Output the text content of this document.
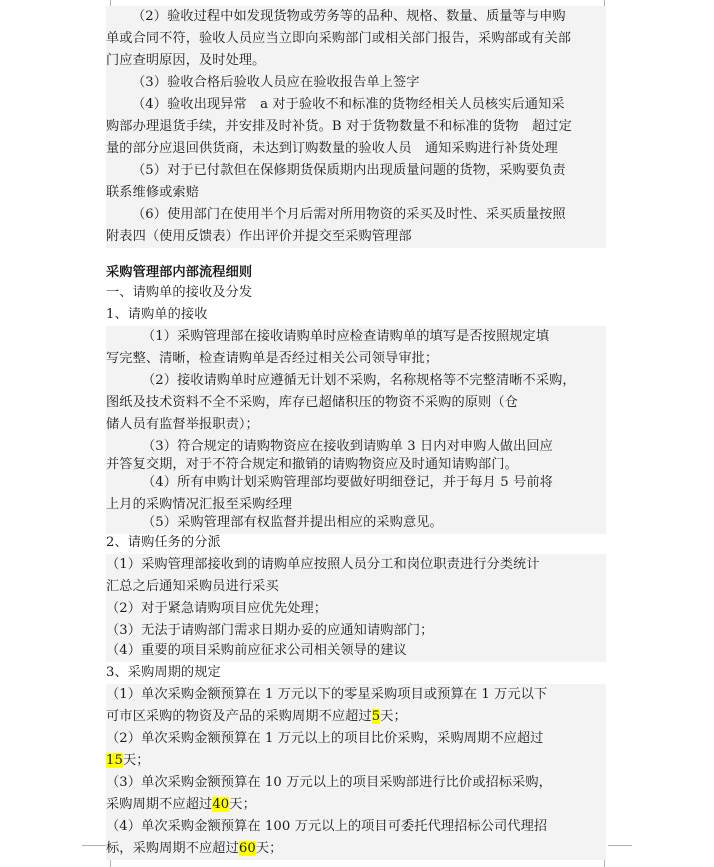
（2）验收过程中如发现货物或劳务等的品种、规格、数量、质量等与申购
单或合同不符，验收人员应当立即向采购部门或相关部门报告，采购部或有关部
门应查明原因，及时处理。
（3）验收合格后验收人员应在验收报告单上签字
（4）验收出现异常　a 对于验收不和标准的货物经相关人员核实后通知采
购部办理退货手续，并安排及时补货。B 对于货物数量不和标准的货物　超过定
量的部分应退回供货商，未达到订购数量的验收人员　通知采购进行补货处理
（5）对于已付款但在保修期货保质期内出现质量问题的货物，采购要负责
联系维修或索赔
（6）使用部门在使用半个月后需对所用物资的采买及时性、采买质量按照
附表四（使用反馈表）作出评价并提交至采购管理部
采购管理部内部流程细则
一、请购单的接收及分发
1、请购单的接收
（1）采购管理部在接收请购单时应检查请购单的填写是否按照规定填
写完整、清晰，检查请购单是否经过相关公司领导审批；
（2）接收请购单时应遵循无计划不采购，名称规格等不完整清晰不采购，
图纸及技术资料不全不采购，库存已超储积压的物资不采购的原则（仓
储人员有监督举报职责）；
（3）符合规定的请购物资应在接收到请购单 3 日内对申购人做出回应
并答复交期，对于不符合规定和撤销的请购物资应及时通知请购部门。
（4）所有申购计划采购管理部均要做好明细登记，并于每月 5 号前将
上月的采购情况汇报至采购经理
（5）采购管理部有权监督并提出相应的采购意见。
2、请购任务的分派
（1）采购管理部接收到的请购单应按照人员分工和岗位职责进行分类统计
汇总之后通知采购员进行采买
（2）对于紧急请购项目应优先处理；
（3）无法于请购部门需求日期办妥的应通知请购部门；
（4）重要的项目采购前应征求公司相关领导的建议
3、采购周期的规定
（1）单次采购金额预算在 1 万元以下的零星采购项目或预算在 1 万元以下
可市区采购的物资及产品的采购周期不应超过5天；
（2）单次采购金额预算在 1 万元以上的项目比价采购，采购周期不应超过
15天；
（3）单次采购金额预算在 10 万元以上的项目采购部进行比价或招标采购，
采购周期不应超过40天；
（4）单次采购金额预算在 100 万元以上的项目可委托代理招标公司代理招
标，采购周期不应超过60天；
